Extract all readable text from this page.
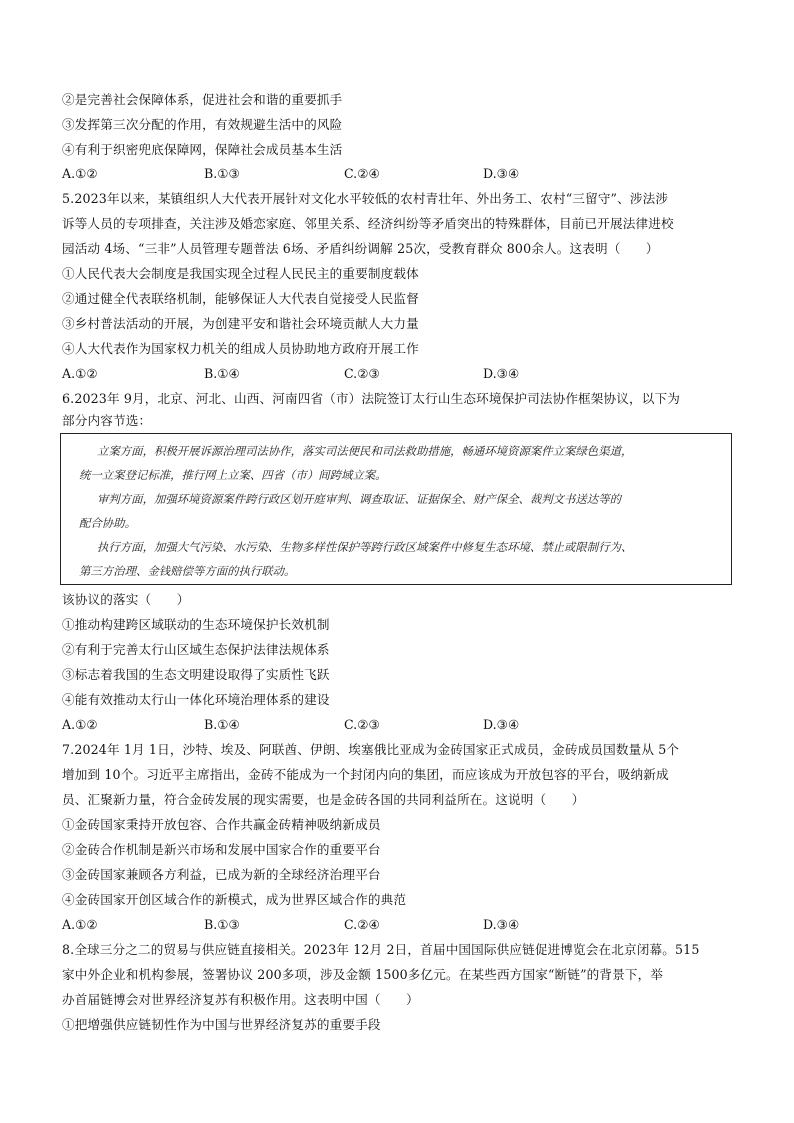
②是完善社会保障体系，促进社会和谐的重要抓手
③发挥第三次分配的作用，有效规避生活中的风险
④有利于织密兜底保障网，保障社会成员基本生活
A.①②	B.①③	C.②④	D.③④
5.2023年以来，某镇组织人大代表开展针对文化水平较低的农村青壮年、外出务工、农村“三留守”、涉法涉
诉等人员的专项排查，关注涉及婚恋家庭、邻里关系、经济纠纷等矛盾突出的特殊群体，目前已开展法律进校
园活动 4场、“三非”人员管理专题普法 6场、矛盾纠纷调解 25次，受教育群众 800余人。这表明（　　）
①人民代表大会制度是我国实现全过程人民民主的重要制度载体
②通过健全代表联络机制，能够保证人大代表自觉接受人民监督
③乡村普法活动的开展，为创建平安和谐社会环境贡献人大力量
④人大代表作为国家权力机关的组成人员协助地方政府开展工作
A.①②	B.①④	C.②③	D.③④
6.2023年 9月，北京、河北、山西、河南四省（市）法院签订太行山生态环境保护司法协作框架协议，以下为
部分内容节选：
立案方面，积极开展诉源治理司法协作，落实司法便民和司法救助措施，畅通环境资源案件立案绿色渠道，
统一立案登记标准，推行网上立案、四省（市）间跨域立案。
审判方面，加强环境资源案件跨行政区划开庭审判、调查取证、证据保全、财产保全、裁判文书送达等的
配合协助。
执行方面，加强大气污染、水污染、生物多样性保护等跨行政区域案件中修复生态环境、禁止或限制行为、
第三方治理、金钱赔偿等方面的执行联动。
该协议的落实（　　）
①推动构建跨区域联动的生态环境保护长效机制
②有利于完善太行山区域生态保护法律法规体系
③标志着我国的生态文明建设取得了实质性飞跃
④能有效推动太行山一体化环境治理体系的建设
A.①②	B.①④	C.②③	D.③④
7.2024年 1月 1日，沙特、埃及、阿联酋、伊朗、埃塞俄比亚成为金砖国家正式成员，金砖成员国数量从 5个
增加到 10个。习近平主席指出，金砖不能成为一个封闭内向的集团，而应该成为开放包容的平台，吸纳新成
员、汇聚新力量，符合金砖发展的现实需要，也是金砖各国的共同利益所在。这说明（　　）
①金砖国家秉持开放包容、合作共赢金砖精神吸纳新成员
②金砖合作机制是新兴市场和发展中国家合作的重要平台
③金砖国家兼顾各方利益，已成为新的全球经济治理平台
④金砖国家开创区域合作的新模式，成为世界区域合作的典范
A.①②	B.①③	C.②④	D.③④
8.全球三分之二的贸易与供应链直接相关。2023年 12月 2日，首届中国国际供应链促进博览会在北京闭幕。515
家中外企业和机构参展，签署协议 200多项，涉及金额 1500多亿元。在某些西方国家“断链”的背景下，举
办首届链博会对世界经济复苏有积极作用。这表明中国（　　）
①把增强供应链韧性作为中国与世界经济复苏的重要手段
